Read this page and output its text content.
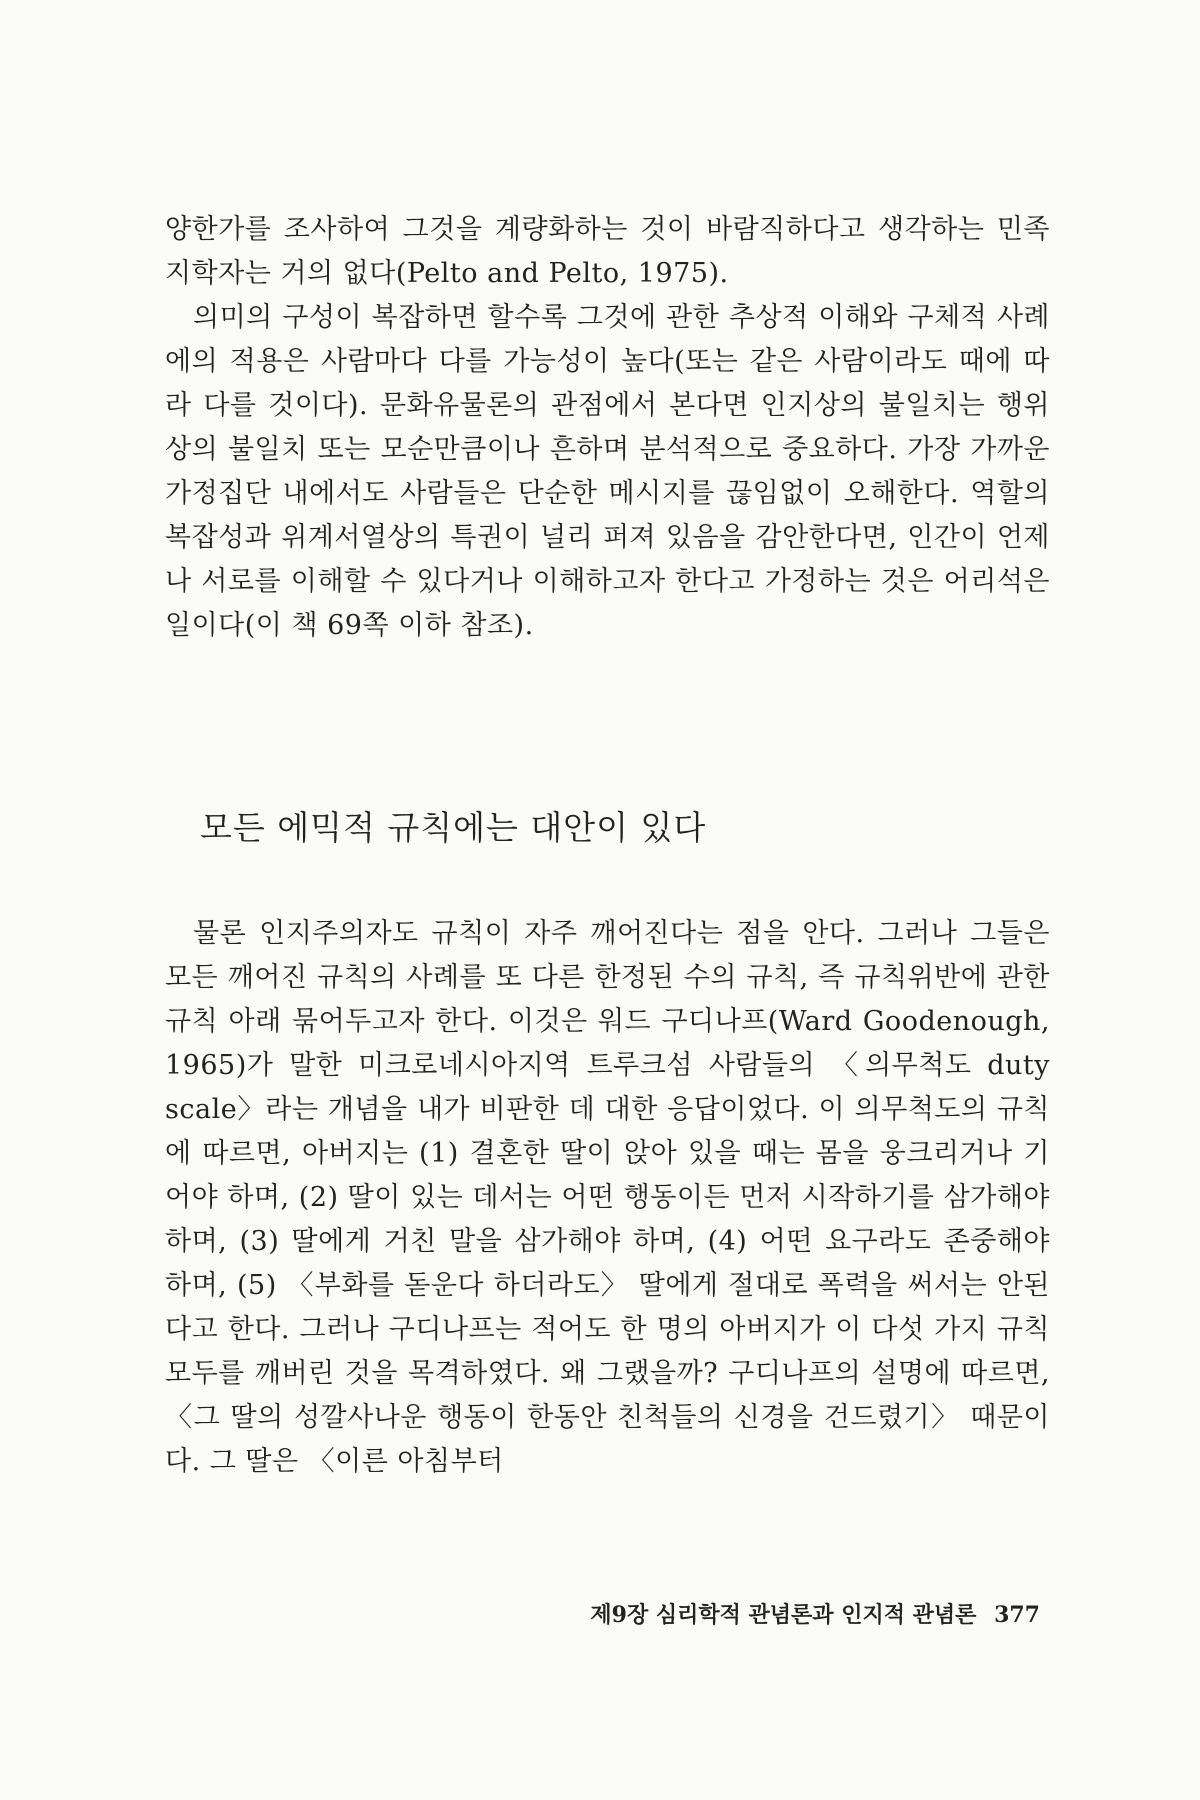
양한가를 조사하여 그것을 계량화하는 것이 바람직하다고 생각하는 민족지학자는 거의 없다(Pelto and Pelto, 1975).

의미의 구성이 복잡하면 할수록 그것에 관한 추상적 이해와 구체적 사례에의 적용은 사람마다 다를 가능성이 높다(또는 같은 사람이라도 때에 따라 다를 것이다). 문화유물론의 관점에서 본다면 인지상의 불일치는 행위상의 불일치 또는 모순만큼이나 흔하며 분석적으로 중요하다. 가장 가까운 가정집단 내에서도 사람들은 단순한 메시지를 끊임없이 오해한다. 역할의 복잡성과 위계서열상의 특권이 널리 퍼져 있음을 감안한다면, 인간이 언제나 서로를 이해할 수 있다거나 이해하고자 한다고 가정하는 것은 어리석은 일이다(이 책 69쪽 이하 참조).

모든 에믹적 규칙에는 대안이 있다

물론 인지주의자도 규칙이 자주 깨어진다는 점을 안다. 그러나 그들은 모든 깨어진 규칙의 사례를 또 다른 한정된 수의 규칙, 즉 규칙위반에 관한 규칙 아래 묶어두고자 한다. 이것은 워드 구디나프(Ward Goodenough, 1965)가 말한 미크로네시아지역 트루크섬 사람들의 〈의무척도 duty scale〉라는 개념을 내가 비판한 데 대한 응답이었다. 이 의무척도의 규칙에 따르면, 아버지는 (1) 결혼한 딸이 앉아 있을 때는 몸을 웅크리거나 기어야 하며, (2) 딸이 있는 데서는 어떤 행동이든 먼저 시작하기를 삼가해야 하며, (3) 딸에게 거친 말을 삼가해야 하며, (4) 어떤 요구라도 존중해야 하며, (5) 〈부화를 돋운다 하더라도〉 딸에게 절대로 폭력을 써서는 안된다고 한다. 그러나 구디나프는 적어도 한 명의 아버지가 이 다섯 가지 규칙 모두를 깨버린 것을 목격하였다. 왜 그랬을까? 구디나프의 설명에 따르면, 〈그 딸의 성깔사나운 행동이 한동안 친척들의 신경을 건드렸기〉 때문이다. 그 딸은 〈이른 아침부터

제9장 심리학적 관념론과 인지적 관념론 377
